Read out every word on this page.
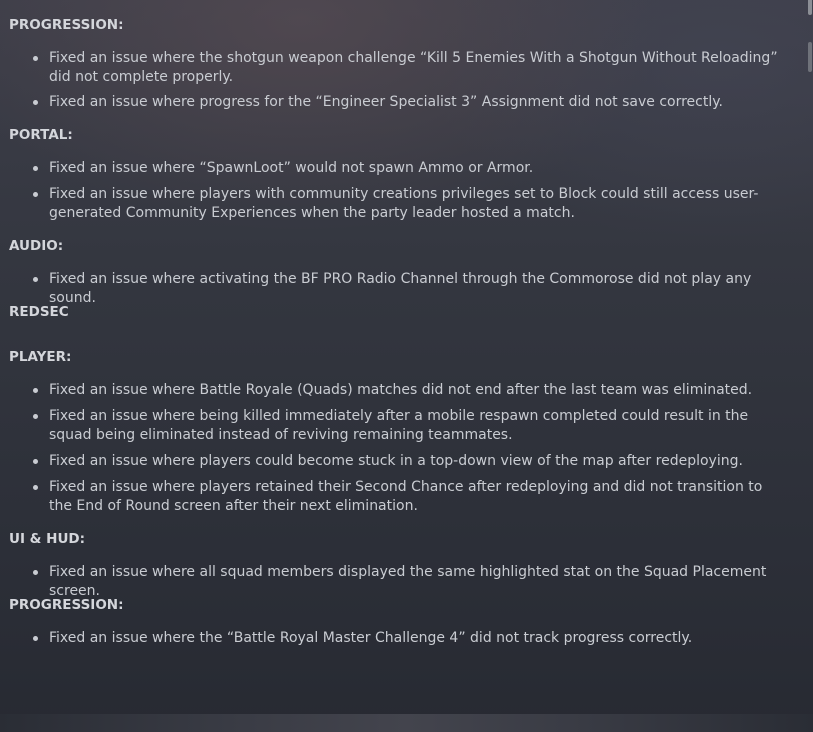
PROGRESSION:
Fixed an issue where the shotgun weapon challenge “Kill 5 Enemies With a Shotgun Without Reloading” did not complete properly.
Fixed an issue where progress for the “Engineer Specialist 3” Assignment did not save correctly.
PORTAL:
Fixed an issue where “SpawnLoot” would not spawn Ammo or Armor.
Fixed an issue where players with community creations privileges set to Block could still access user-generated Community Experiences when the party leader hosted a match.
AUDIO:
Fixed an issue where activating the BF PRO Radio Channel through the Commorose did not play any sound.
REDSEC
PLAYER:
Fixed an issue where Battle Royale (Quads) matches did not end after the last team was eliminated.
Fixed an issue where being killed immediately after a mobile respawn completed could result in the squad being eliminated instead of reviving remaining teammates.
Fixed an issue where players could become stuck in a top-down view of the map after redeploying.
Fixed an issue where players retained their Second Chance after redeploying and did not transition to the End of Round screen after their next elimination.
UI & HUD:
Fixed an issue where all squad members displayed the same highlighted stat on the Squad Placement screen.
PROGRESSION:
Fixed an issue where the “Battle Royal Master Challenge 4” did not track progress correctly.
